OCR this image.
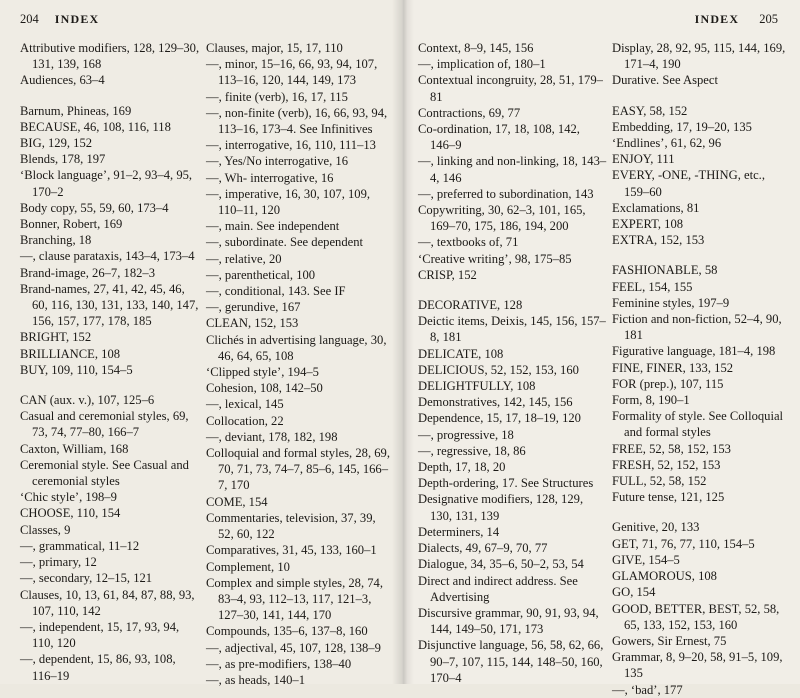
204 INDEX
Attributive modifiers, 128, 129–30, 131, 139, 168
Audiences, 63–4
Barnum, Phineas, 169
BECAUSE, 46, 108, 116, 118
BIG, 129, 152
Blends, 178, 197
‘Block language’, 91–2, 93–4, 95, 170–2
Body copy, 55, 59, 60, 173–4
Bonner, Robert, 169
Branching, 18
—, clause parataxis, 143–4, 173–4
Brand-image, 26–7, 182–3
Brand-names, 27, 41, 42, 45, 46, 60, 116, 130, 131, 133, 140, 147, 156, 157, 177, 178, 185
BRIGHT, 152
BRILLIANCE, 108
BUY, 109, 110, 154–5
CAN (aux. v.), 107, 125–6
Casual and ceremonial styles, 69, 73, 74, 77–80, 166–7
Caxton, William, 168
Ceremonial style. See Casual and ceremonial styles
‘Chic style’, 198–9
CHOOSE, 110, 154
Classes, 9
—, grammatical, 11–12
—, primary, 12
—, secondary, 12–15, 121
Clauses, 10, 13, 61, 84, 87, 88, 93, 107, 110, 142
—, independent, 15, 17, 93, 94, 110, 120
—, dependent, 15, 86, 93, 108, 116–19
Clauses, major, 15, 17, 110
—, minor, 15–16, 66, 93, 94, 107, 113–16, 120, 144, 149, 173
—, finite (verb), 16, 17, 115
—, non-finite (verb), 16, 66, 93, 94, 113–16, 173–4. See Infinitives
—, interrogative, 16, 110, 111–13
—, Yes/No interrogative, 16
—, Wh- interrogative, 16
—, imperative, 16, 30, 107, 109, 110–11, 120
—, main. See independent
—, subordinate. See dependent
—, relative, 20
—, parenthetical, 100
—, conditional, 143. See IF
—, gerundive, 167
CLEAN, 152, 153
Clichés in advertising language, 30, 46, 64, 65, 108
‘Clipped style’, 194–5
Cohesion, 108, 142–50
—, lexical, 145
Collocation, 22
—, deviant, 178, 182, 198
Colloquial and formal styles, 28, 69, 70, 71, 73, 74–7, 85–6, 145, 166–7, 170
COME, 154
Commentaries, television, 37, 39, 52, 60, 122
Comparatives, 31, 45, 133, 160–1
Complement, 10
Complex and simple styles, 28, 74, 83–4, 93, 112–13, 117, 121–3, 127–30, 141, 144, 170
Compounds, 135–6, 137–8, 160
—, adjectival, 45, 107, 128, 138–9
—, as pre-modifiers, 138–40
—, as heads, 140–1
INDEX 205
Context, 8–9, 145, 156
—, implication of, 180–1
Contextual incongruity, 28, 51, 179–81
Contractions, 69, 77
Co-ordination, 17, 18, 108, 142, 146–9
—, linking and non-linking, 18, 143–4, 146
—, preferred to subordination, 143
Copywriting, 30, 62–3, 101, 165, 169–70, 175, 186, 194, 200
—, textbooks of, 71
‘Creative writing’, 98, 175–85
CRISP, 152
DECORATIVE, 128
Deictic items, Deixis, 145, 156, 157–8, 181
DELICATE, 108
DELICIOUS, 52, 152, 153, 160
DELIGHTFULLY, 108
Demonstratives, 142, 145, 156
Dependence, 15, 17, 18–19, 120
—, progressive, 18
—, regressive, 18, 86
Depth, 17, 18, 20
Depth-ordering, 17. See Structures
Designative modifiers, 128, 129, 130, 131, 139
Determiners, 14
Dialects, 49, 67–9, 70, 77
Dialogue, 34, 35–6, 50–2, 53, 54
Direct and indirect address. See Advertising
Discursive grammar, 90, 91, 93, 94, 144, 149–50, 171, 173
Disjunctive language, 56, 58, 62, 66, 90–7, 107, 115, 144, 148–50, 160, 170–4
Display, 28, 92, 95, 115, 144, 169, 171–4, 190
Durative. See Aspect
EASY, 58, 152
Embedding, 17, 19–20, 135
‘Endlines’, 61, 62, 96
ENJOY, 111
EVERY, -ONE, -THING, etc., 159–60
Exclamations, 81
EXPERT, 108
EXTRA, 152, 153
FASHIONABLE, 58
FEEL, 154, 155
Feminine styles, 197–9
Fiction and non-fiction, 52–4, 90, 181
Figurative language, 181–4, 198
FINE, FINER, 133, 152
FOR (prep.), 107, 115
Form, 8, 190–1
Formality of style. See Colloquial and formal styles
FREE, 52, 58, 152, 153
FRESH, 52, 152, 153
FULL, 52, 58, 152
Future tense, 121, 125
Genitive, 20, 133
GET, 71, 76, 77, 110, 154–5
GIVE, 154–5
GLAMOROUS, 108
GO, 154
GOOD, BETTER, BEST, 52, 58, 65, 133, 152, 153, 160
Gowers, Sir Ernest, 75
Grammar, 8, 9–20, 58, 91–5, 109, 135
—, ‘bad’, 177
